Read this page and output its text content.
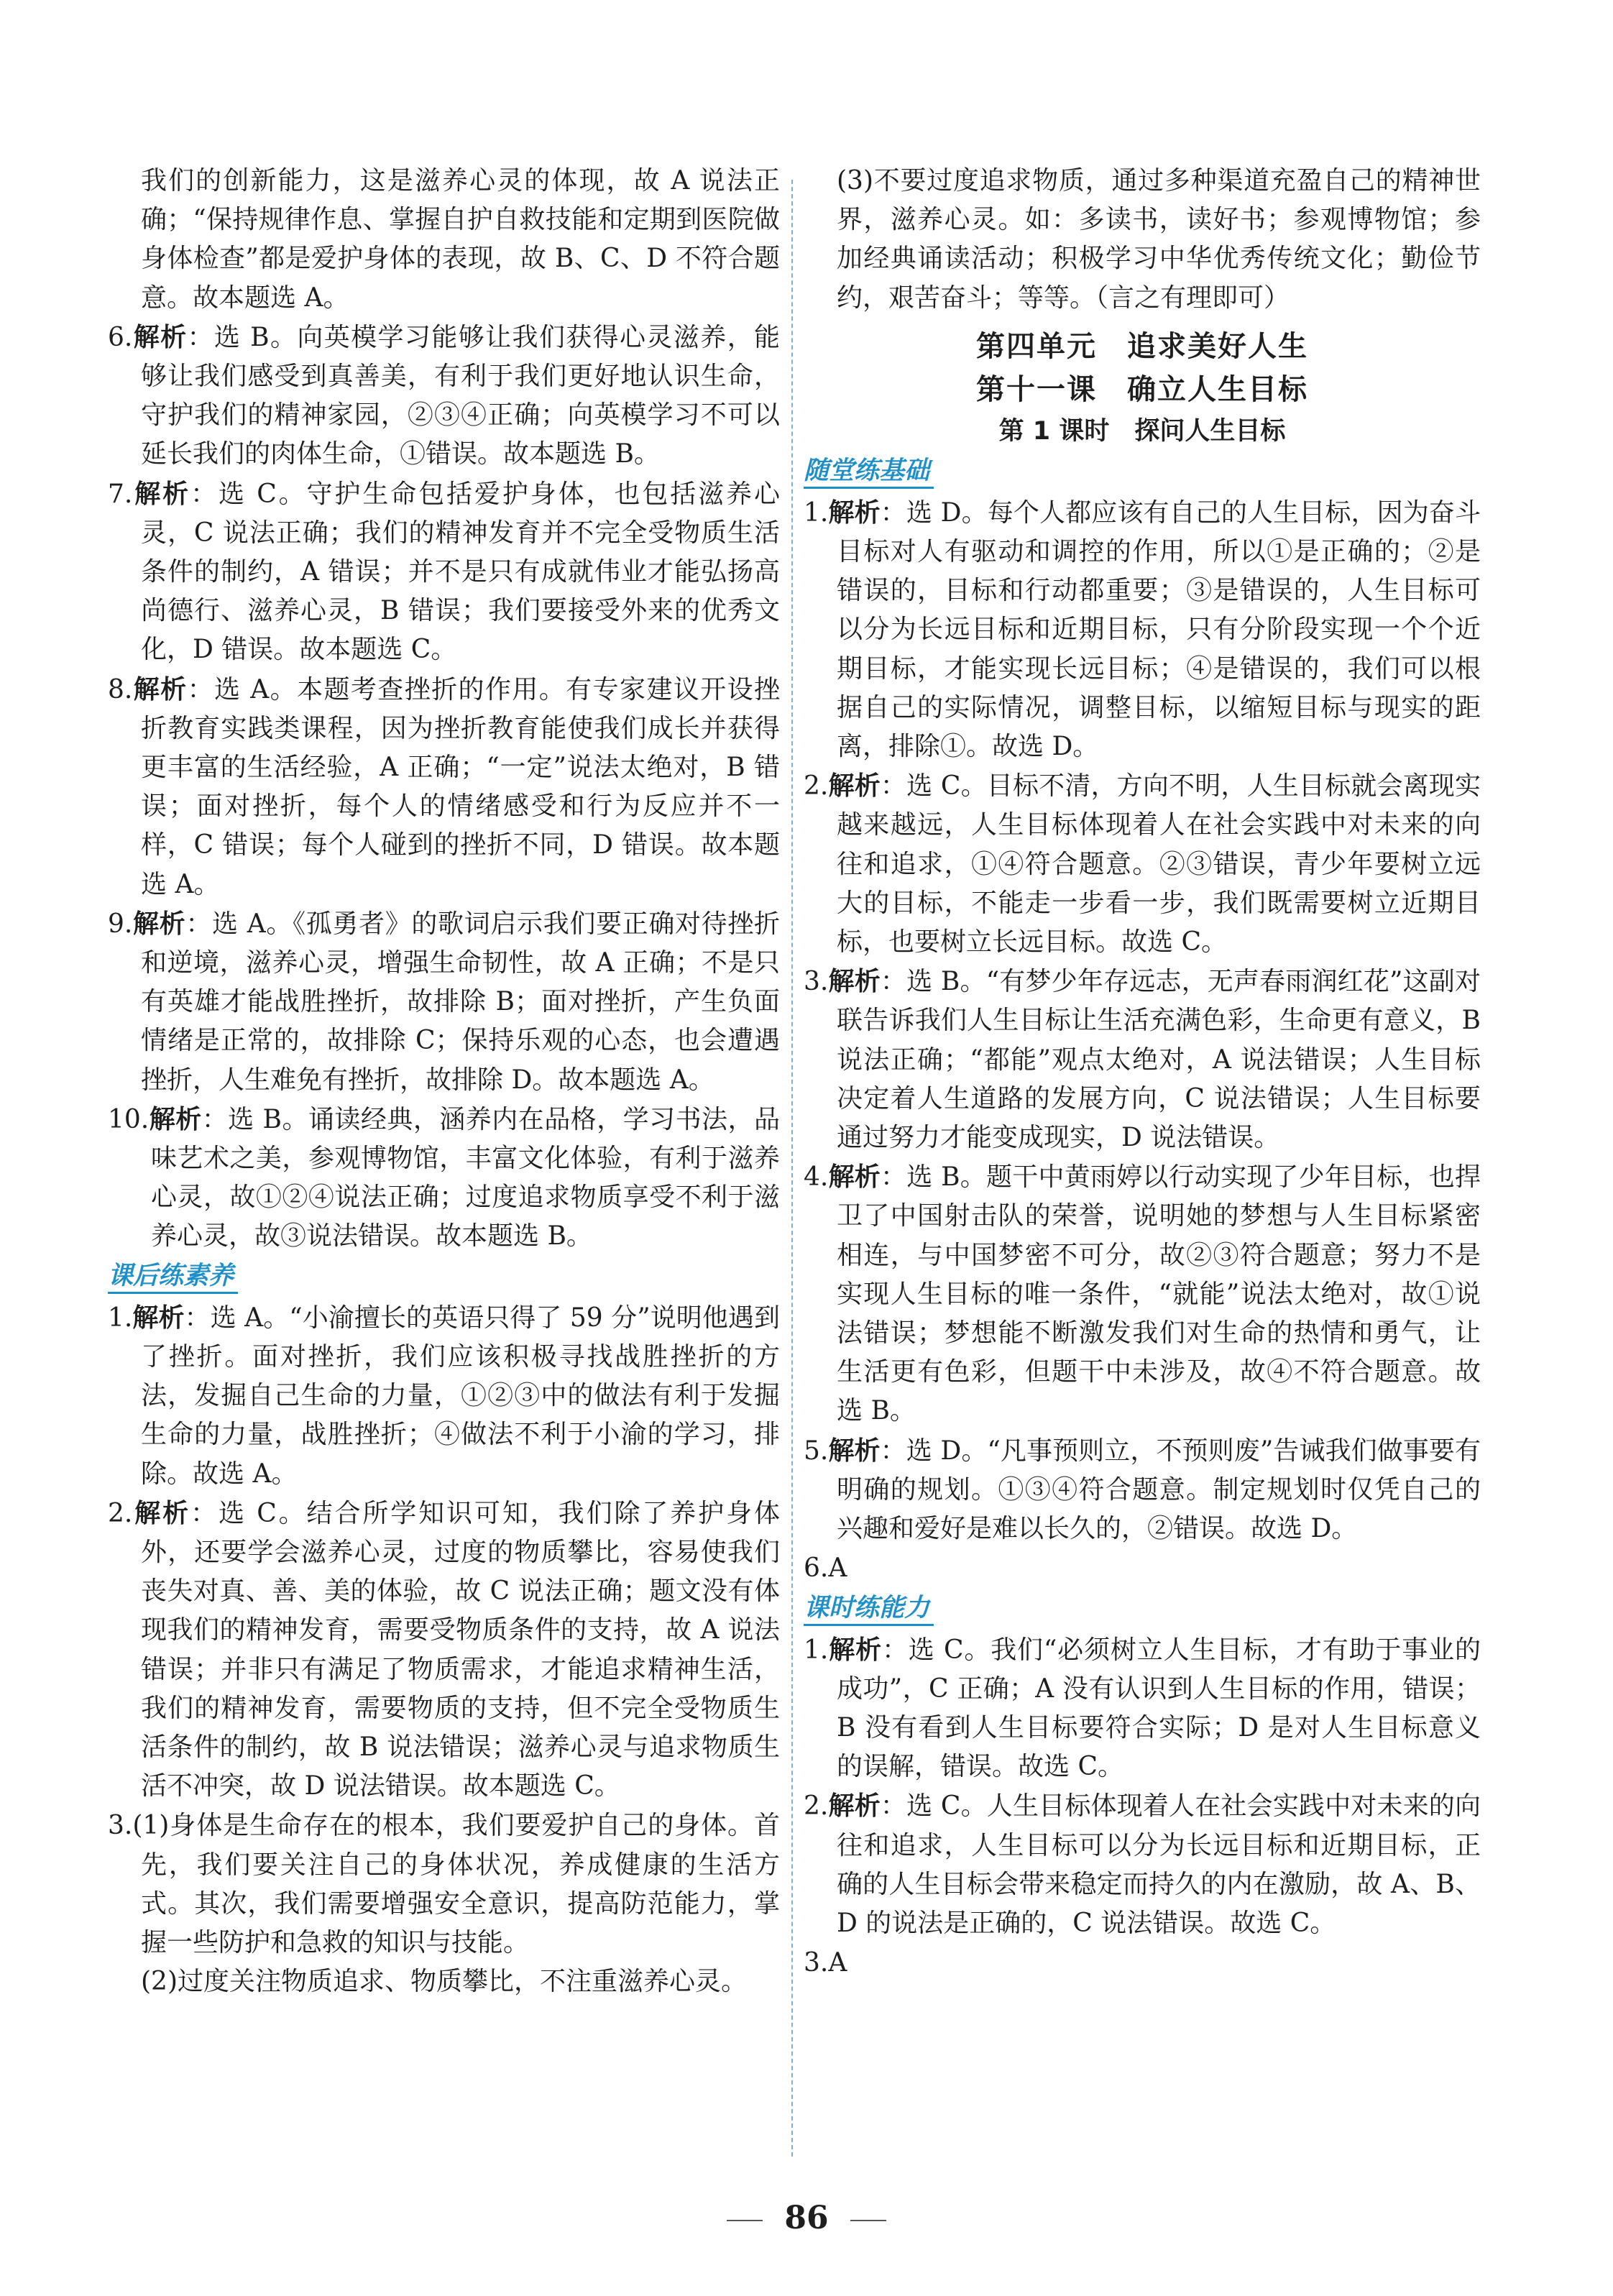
我们的创新能力，这是滋养心灵的体现，故 A 说法正确；“保持规律作息、掌握自护自救技能和定期到医院做身体检查”都是爱护身体的表现，故 B、C、D 不符合题意。故本题选 A。

6.解析：选 B。向英模学习能够让我们获得心灵滋养，能够让我们感受到真善美，有利于我们更好地认识生命，守护我们的精神家园，②③④正确；向英模学习不可以延长我们的肉体生命，①错误。故本题选 B。

7.解析：选 C。守护生命包括爱护身体，也包括滋养心灵，C 说法正确；我们的精神发育并不完全受物质生活条件的制约，A 错误；并不是只有成就伟业才能弘扬高尚德行、滋养心灵，B 错误；我们要接受外来的优秀文化，D 错误。故本题选 C。

8.解析：选 A。本题考查挫折的作用。有专家建议开设挫折教育实践类课程，因为挫折教育能使我们成长并获得更丰富的生活经验，A 正确；“一定”说法太绝对，B 错误；面对挫折，每个人的情绪感受和行为反应并不一样，C 错误；每个人碰到的挫折不同，D 错误。故本题选 A。

9.解析：选 A。《孤勇者》的歌词启示我们要正确对待挫折和逆境，滋养心灵，增强生命韧性，故 A 正确；不是只有英雄才能战胜挫折，故排除 B；面对挫折，产生负面情绪是正常的，故排除 C；保持乐观的心态，也会遭遇挫折，人生难免有挫折，故排除 D。故本题选 A。

10.解析：选 B。诵读经典，涵养内在品格，学习书法，品味艺术之美，参观博物馆，丰富文化体验，有利于滋养心灵，故①②④说法正确；过度追求物质享受不利于滋养心灵，故③说法错误。故本题选 B。

课后练素养

1.解析：选 A。“小渝擅长的英语只得了 59 分”说明他遇到了挫折。面对挫折，我们应该积极寻找战胜挫折的方法，发掘自己生命的力量，①②③中的做法有利于发掘生命的力量，战胜挫折；④做法不利于小渝的学习，排除。故选 A。

2.解析：选 C。结合所学知识可知，我们除了养护身体外，还要学会滋养心灵，过度的物质攀比，容易使我们丧失对真、善、美的体验，故 C 说法正确；题文没有体现我们的精神发育，需要受物质条件的支持，故 A 说法错误；并非只有满足了物质需求，才能追求精神生活，我们的精神发育，需要物质的支持，但不完全受物质生活条件的制约，故 B 说法错误；滋养心灵与追求物质生活不冲突，故 D 说法错误。故本题选 C。

3.(1)身体是生命存在的根本，我们要爱护自己的身体。首先，我们要关注自己的身体状况，养成健康的生活方式。其次，我们需要增强安全意识，提高防范能力，掌握一些防护和急救的知识与技能。

(2)过度关注物质追求、物质攀比，不注重滋养心灵。

(3)不要过度追求物质，通过多种渠道充盈自己的精神世界，滋养心灵。如：多读书，读好书；参观博物馆；参加经典诵读活动；积极学习中华优秀传统文化；勤俭节约，艰苦奋斗；等等。（言之有理即可）

第四单元　追求美好人生
第十一课　确立人生目标
第 1 课时　探问人生目标
随堂练基础

1.解析：选 D。每个人都应该有自己的人生目标，因为奋斗目标对人有驱动和调控的作用，所以①是正确的；②是错误的，目标和行动都重要；③是错误的，人生目标可以分为长远目标和近期目标，只有分阶段实现一个个近期目标，才能实现长远目标；④是错误的，我们可以根据自己的实际情况，调整目标，以缩短目标与现实的距离，排除①。故选 D。

2.解析：选 C。目标不清，方向不明，人生目标就会离现实越来越远，人生目标体现着人在社会实践中对未来的向往和追求，①④符合题意。②③错误，青少年要树立远大的目标，不能走一步看一步，我们既需要树立近期目标，也要树立长远目标。故选 C。

3.解析：选 B。“有梦少年存远志，无声春雨润红花”这副对联告诉我们人生目标让生活充满色彩，生命更有意义，B 说法正确；“都能”观点太绝对，A 说法错误；人生目标决定着人生道路的发展方向，C 说法错误；人生目标要通过努力才能变成现实，D 说法错误。

4.解析：选 B。题干中黄雨婷以行动实现了少年目标，也捍卫了中国射击队的荣誉，说明她的梦想与人生目标紧密相连，与中国梦密不可分，故②③符合题意；努力不是实现人生目标的唯一条件，“就能”说法太绝对，故①说法错误；梦想能不断激发我们对生命的热情和勇气，让生活更有色彩，但题干中未涉及，故④不符合题意。故选 B。

5.解析：选 D。“凡事预则立，不预则废”告诫我们做事要有明确的规划。①③④符合题意。制定规划时仅凭自己的兴趣和爱好是难以长久的，②错误。故选 D。

6.A

课时练能力

1.解析：选 C。我们“必须树立人生目标，才有助于事业的成功”，C 正确；A 没有认识到人生目标的作用，错误；B 没有看到人生目标要符合实际；D 是对人生目标意义的误解，错误。故选 C。

2.解析：选 C。人生目标体现着人在社会实践中对未来的向往和追求，人生目标可以分为长远目标和近期目标，正确的人生目标会带来稳定而持久的内在激励，故 A、B、D 的说法是正确的，C 说法错误。故选 C。

3.A

86
